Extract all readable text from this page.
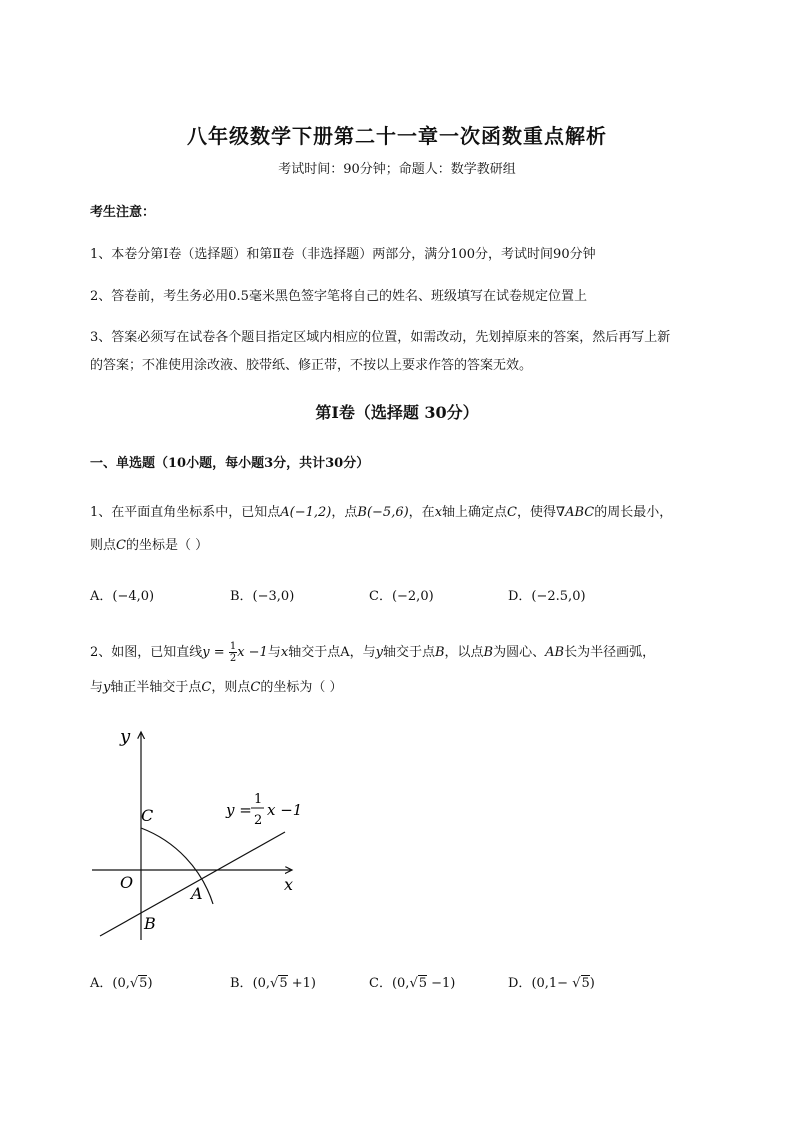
八年级数学下册第二十一章一次函数重点解析
考试时间：90分钟；命题人：数学教研组
考生注意：
1、本卷分第I卷（选择题）和第Ⅱ卷（非选择题）两部分，满分100分，考试时间90分钟
2、答卷前，考生务必用0.5毫米黑色签字笔将自己的姓名、班级填写在试卷规定位置上
3、答案必须写在试卷各个题目指定区域内相应的位置，如需改动，先划掉原来的答案，然后再写上新
的答案；不准使用涂改液、胶带纸、修正带，不按以上要求作答的答案无效。
第I卷（选择题 30分）
一、单选题（10小题，每小题3分，共计30分）
1、在平面直角坐标系中，已知点A(−1,2)，点B(−5,6)，在x轴上确定点C，使得∇ABC的周长最小，
则点C的坐标是（ ）
A．(−4,0)	B．(−3,0)	C．(−2,0)	D．(−2.5,0)
2、如图，已知直线$y = \frac{1}{2}$ x −1与x轴交于点A，与y轴交于点B，以点B为圆心、AB长为半径画弧，
与y轴正半轴交于点C，则点C的坐标为（ ）
y
x
O
A
B
C	y =
1
2
x −1
A．(0,√5)	B．(0,√5 +1)	C．(0,√5 −1)	D．(0,1− √5)
